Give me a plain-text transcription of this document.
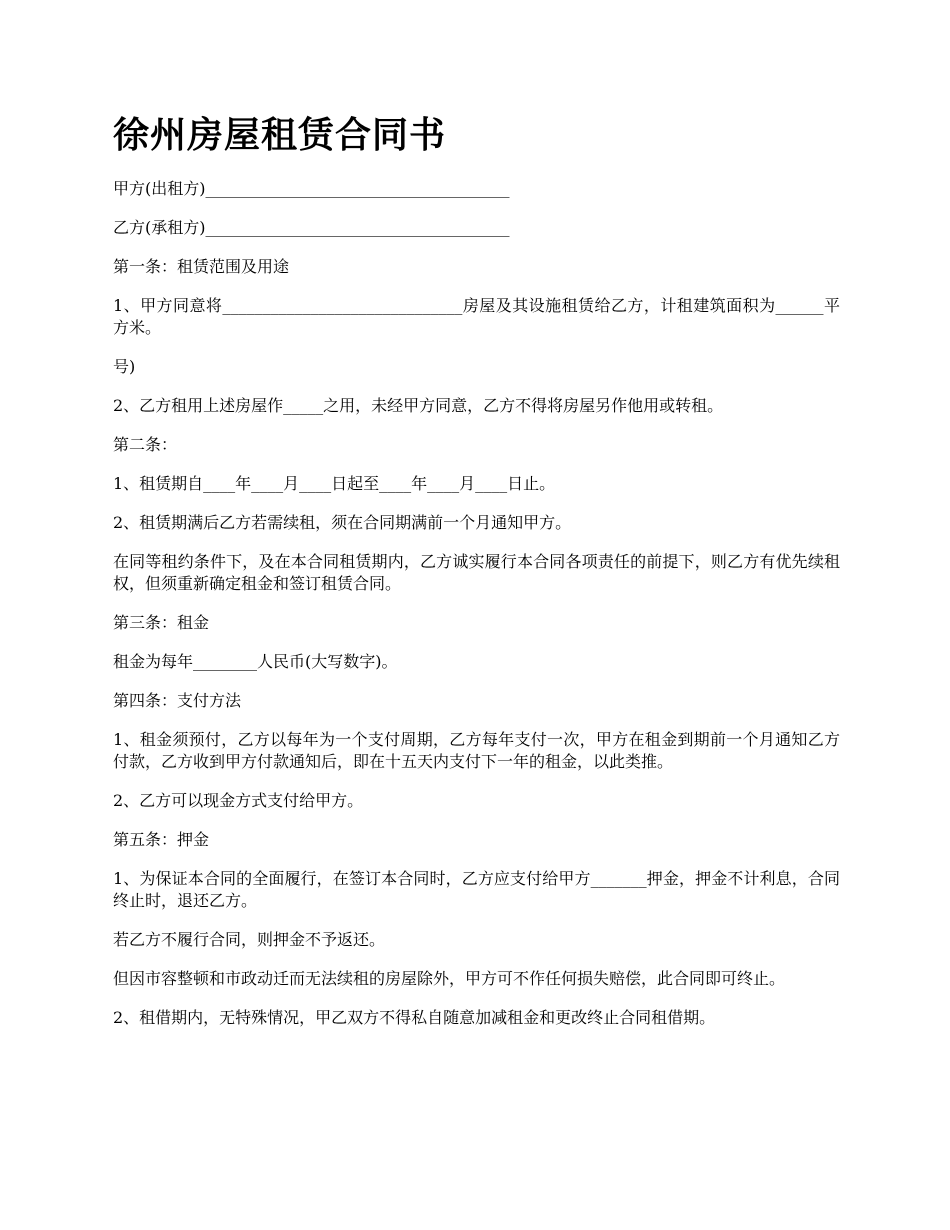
徐州房屋租赁合同书

甲方(出租方)______________________________________

乙方(承租方)______________________________________

第一条：租赁范围及用途

1、甲方同意将______________________________房屋及其设施租赁给乙方，计租建筑面积为______平方米。

号)

2、乙方租用上述房屋作_____之用，未经甲方同意，乙方不得将房屋另作他用或转租。

第二条：

1、租赁期自____年____月____日起至____年____月____日止。

2、租赁期满后乙方若需续租，须在合同期满前一个月通知甲方。

在同等租约条件下，及在本合同租赁期内，乙方诚实履行本合同各项责任的前提下，则乙方有优先续租权，但须重新确定租金和签订租赁合同。

第三条：租金

租金为每年________人民币(大写数字)。

第四条：支付方法

1、租金须预付，乙方以每年为一个支付周期，乙方每年支付一次，甲方在租金到期前一个月通知乙方付款，乙方收到甲方付款通知后，即在十五天内支付下一年的租金，以此类推。

2、乙方可以现金方式支付给甲方。

第五条：押金

1、为保证本合同的全面履行，在签订本合同时，乙方应支付给甲方_______押金，押金不计利息，合同终止时，退还乙方。

若乙方不履行合同，则押金不予返还。

但因市容整顿和市政动迁而无法续租的房屋除外，甲方可不作任何损失赔偿，此合同即可终止。

2、租借期内，无特殊情况，甲乙双方不得私自随意加减租金和更改终止合同租借期。
